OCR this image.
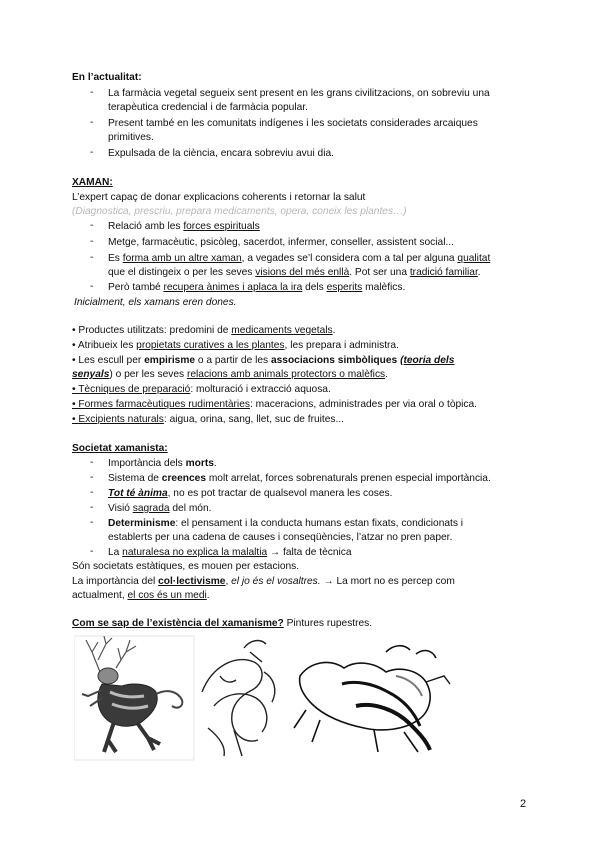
En l’actualitat:
- La farmàcia vegetal segueix sent present en les grans civilitzacions, on sobreviu una
terapèutica credencial i de farmàcia popular.
- Present també en les comunitats indígenes i les societats considerades arcaiques
primitives.
- Expulsada de la ciència, encara sobreviu avui dia.
XAMAN:
L’expert capaç de donar explicacions coherents i retornar la salut
(Diagnostica, prescriu, prepara medicaments, opera, coneix les plantes…)
- Relació amb les forces espirituals
- Metge, farmacèutic, psicòleg, sacerdot, infermer, conseller, assistent social...
- Es forma amb un altre xaman, a vegades se’l considera com a tal per alguna qualitat
que el distingeix o per les seves visions del més enllà. Pot ser una tradició familiar.
- Però també recupera ànimes i aplaca la ira dels esperits malèfics.
Inicialment, els xamans eren dones.
• Productes utilitzats: predomini de medicaments vegetals.
• Atribueix les propietats curatives a les plantes, les prepara i administra.
• Les escull per empirisme o a partir de les associacions simbòliques (teoria dels
senyals) o per les seves relacions amb animals protectors o malèfics.
• Tècniques de preparació: molturació i extracció aquosa.
• Formes farmacèutiques rudimentàries: maceracions, administrades per via oral o tòpica.
• Excipients naturals: aigua, orina, sang, llet, suc de fruites...
Societat xamanista:
- Importància dels morts.
- Sistema de creences molt arrelat, forces sobrenaturals prenen especial importància.
- Tot té ànima, no es pot tractar de qualsevol manera les coses.
- Visió sagrada del món.
- Determinisme: el pensament i la conducta humans estan fixats, condicionats i
establerts per una cadena de causes i conseqüències, l’atzar no pren paper.
- La naturalesa no explica la malaltia → falta de tècnica
Són societats estàtiques, es mouen per estacions.
La importància del col·lectivisme, el jo és el vosaltres. → La mort no es percep com
actualment, el cos és un medi.
Com se sap de l’existència del xamanisme? Pintures rupestres.
2
